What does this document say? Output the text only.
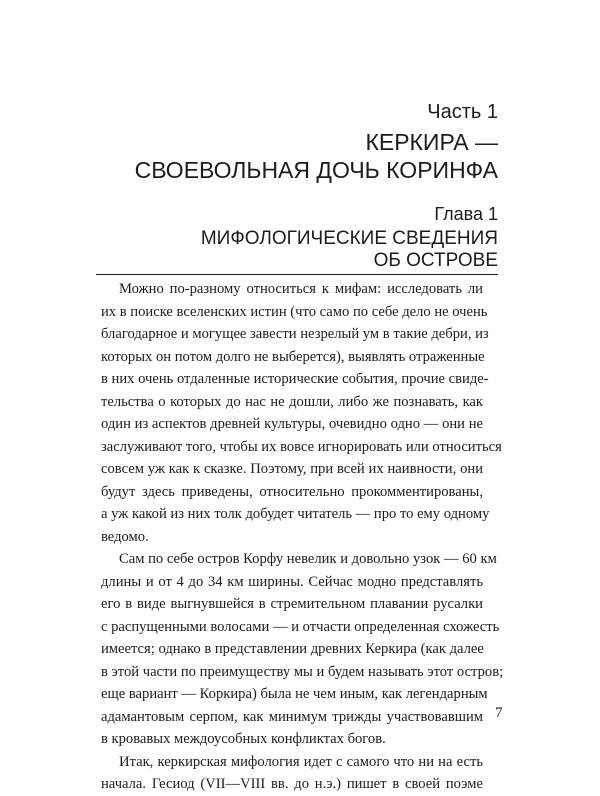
Часть 1
КЕРКИРА —
СВОЕВОЛЬНАЯ ДОЧЬ КОРИНФА
Глава 1
МИФОЛОГИЧЕСКИЕ СВЕДЕНИЯ
ОБ ОСТРОВЕ
Можно по-разному относиться к мифам: исследовать ли
их в поиске вселенских истин (что само по себе дело не очень
благодарное и могущее завести незрелый ум в такие дебри, из
которых он потом долго не выберется), выявлять отраженные
в них очень отдаленные исторические события, прочие свиде-
тельства о которых до нас не дошли, либо же познавать, как
один из аспектов древней культуры, очевидно одно — они не
заслуживают того, чтобы их вовсе игнорировать или относиться
совсем уж как к сказке. Поэтому, при всей их наивности, они
будут здесь приведены, относительно прокомментированы,
а уж какой из них толк добудет читатель — про то ему одному
ведомо.
Сам по себе остров Корфу невелик и довольно узок — 60 км
длины и от 4 до 34 км ширины. Сейчас модно представлять
его в виде выгнувшейся в стремительном плавании русалки
с распущенными волосами — и отчасти определенная схожесть
имеется; однако в представлении древних Керкира (как далее
в этой части по преимуществу мы и будем называть этот остров;
еще вариант — Коркира) была не чем иным, как легендарным
адамантовым серпом, как минимум трижды участвовавшим
в кровавых междоусобных конфликтах богов.
Итак, керкирская мифология идет с самого что ни на есть
начала. Гесиод (VII—VIII вв. до н.э.) пишет в своей поэме
7
